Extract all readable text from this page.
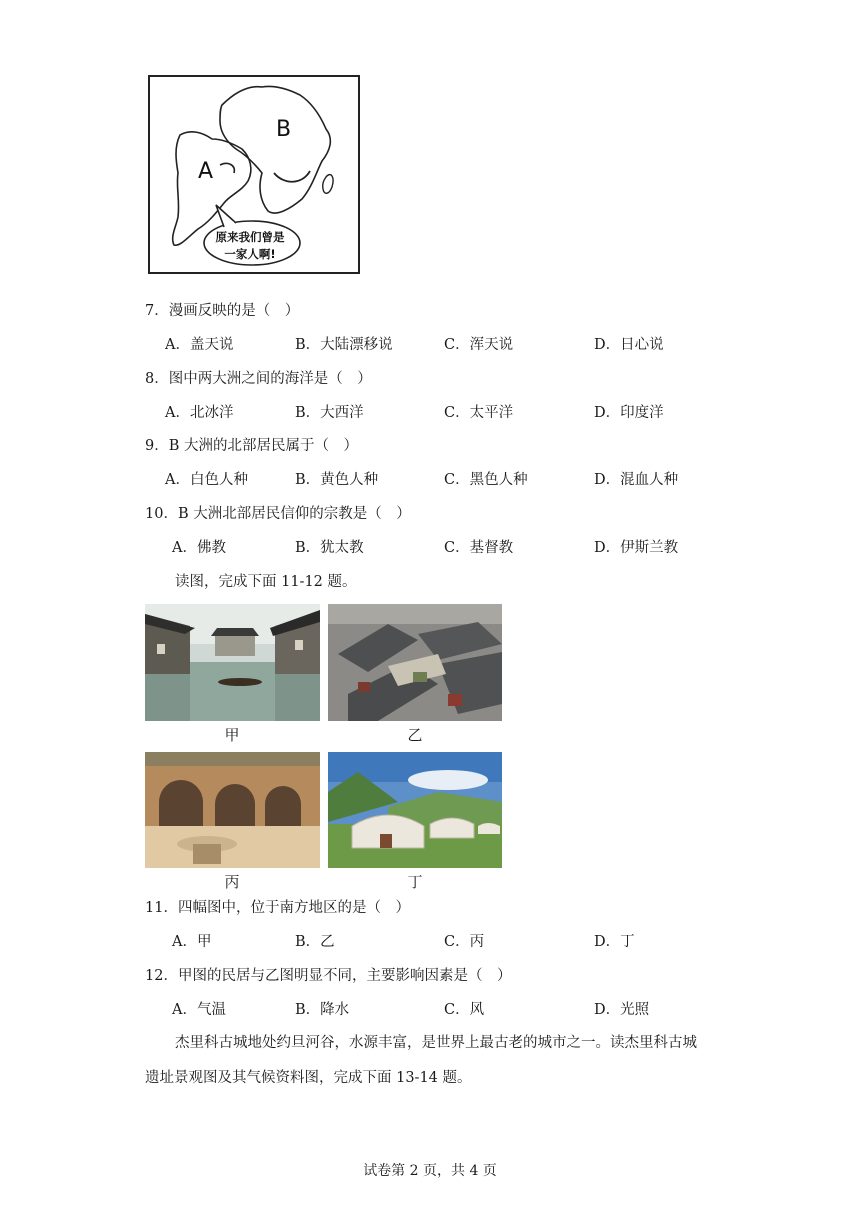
A
B
原来我们曾是
一家人啊!
7．漫画反映的是（　）
A．盖天说	B．大陆漂移说	C．浑天说	D．日心说
8．图中两大洲之间的海洋是（　）
A．北冰洋	B．大西洋	C．太平洋	D．印度洋
9．B 大洲的北部居民属于（　）
A．白色人种	B．黄色人种	C．黑色人种	D．混血人种
10．B 大洲北部居民信仰的宗教是（　）
A．佛教	B．犹太教	C．基督教	D．伊斯兰教
读图，完成下面 11-12 题。
甲	乙
丙	丁
11．四幅图中，位于南方地区的是（　）
A．甲	B．乙	C．丙	D．丁
12．甲图的民居与乙图明显不同，主要影响因素是（　）
A．气温	B．降水	C．风	D．光照
杰里科古城地处约旦河谷，水源丰富，是世界上最古老的城市之一。读杰里科古城
遗址景观图及其气候资料图，完成下面 13-14 题。
试卷第 2 页，共 4 页
